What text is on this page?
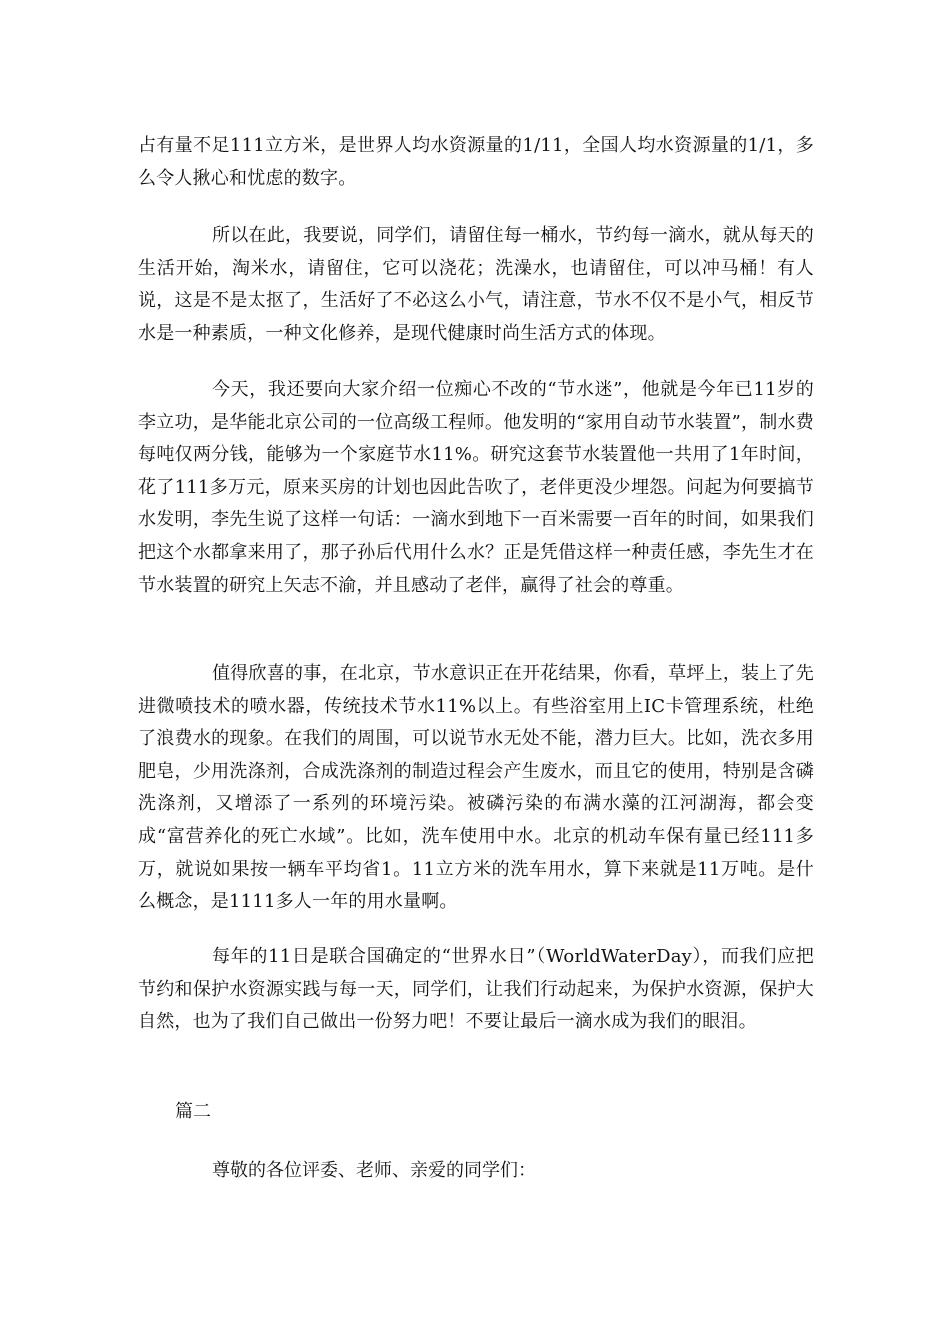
占有量不足111立方米，是世界人均水资源量的1/11，全国人均水资源量的1/1，多么令人揪心和忧虑的数字。

所以在此，我要说，同学们，请留住每一桶水，节约每一滴水，就从每天的生活开始，淘米水，请留住，它可以浇花；洗澡水，也请留住，可以冲马桶！有人说，这是不是太抠了，生活好了不必这么小气，请注意，节水不仅不是小气，相反节水是一种素质，一种文化修养，是现代健康时尚生活方式的体现。

今天，我还要向大家介绍一位痴心不改的“节水迷”，他就是今年已11岁的李立功，是华能北京公司的一位高级工程师。他发明的“家用自动节水装置”，制水费每吨仅两分钱，能够为一个家庭节水11%。研究这套节水装置他一共用了1年时间，花了111多万元，原来买房的计划也因此告吹了，老伴更没少埋怨。问起为何要搞节水发明，李先生说了这样一句话：一滴水到地下一百米需要一百年的时间，如果我们把这个水都拿来用了，那子孙后代用什么水？正是凭借这样一种责任感，李先生才在节水装置的研究上矢志不渝，并且感动了老伴，赢得了社会的尊重。

值得欣喜的事，在北京，节水意识正在开花结果，你看，草坪上，装上了先进微喷技术的喷水器，传统技术节水11%以上。有些浴室用上IC卡管理系统，杜绝了浪费水的现象。在我们的周围，可以说节水无处不能，潜力巨大。比如，洗衣多用肥皂，少用洗涤剂，合成洗涤剂的制造过程会产生废水，而且它的使用，特别是含磷洗涤剂，又增添了一系列的环境污染。被磷污染的布满水藻的江河湖海，都会变成“富营养化的死亡水域”。比如，洗车使用中水。北京的机动车保有量已经111多万，就说如果按一辆车平均省1。11立方米的洗车用水，算下来就是11万吨。是什么概念，是1111多人一年的用水量啊。

每年的11日是联合国确定的“世界水日”（WorldWaterDay），而我们应把节约和保护水资源实践与每一天，同学们，让我们行动起来，为保护水资源，保护大自然，也为了我们自己做出一份努力吧！不要让最后一滴水成为我们的眼泪。

篇二

尊敬的各位评委、老师、亲爱的同学们：
